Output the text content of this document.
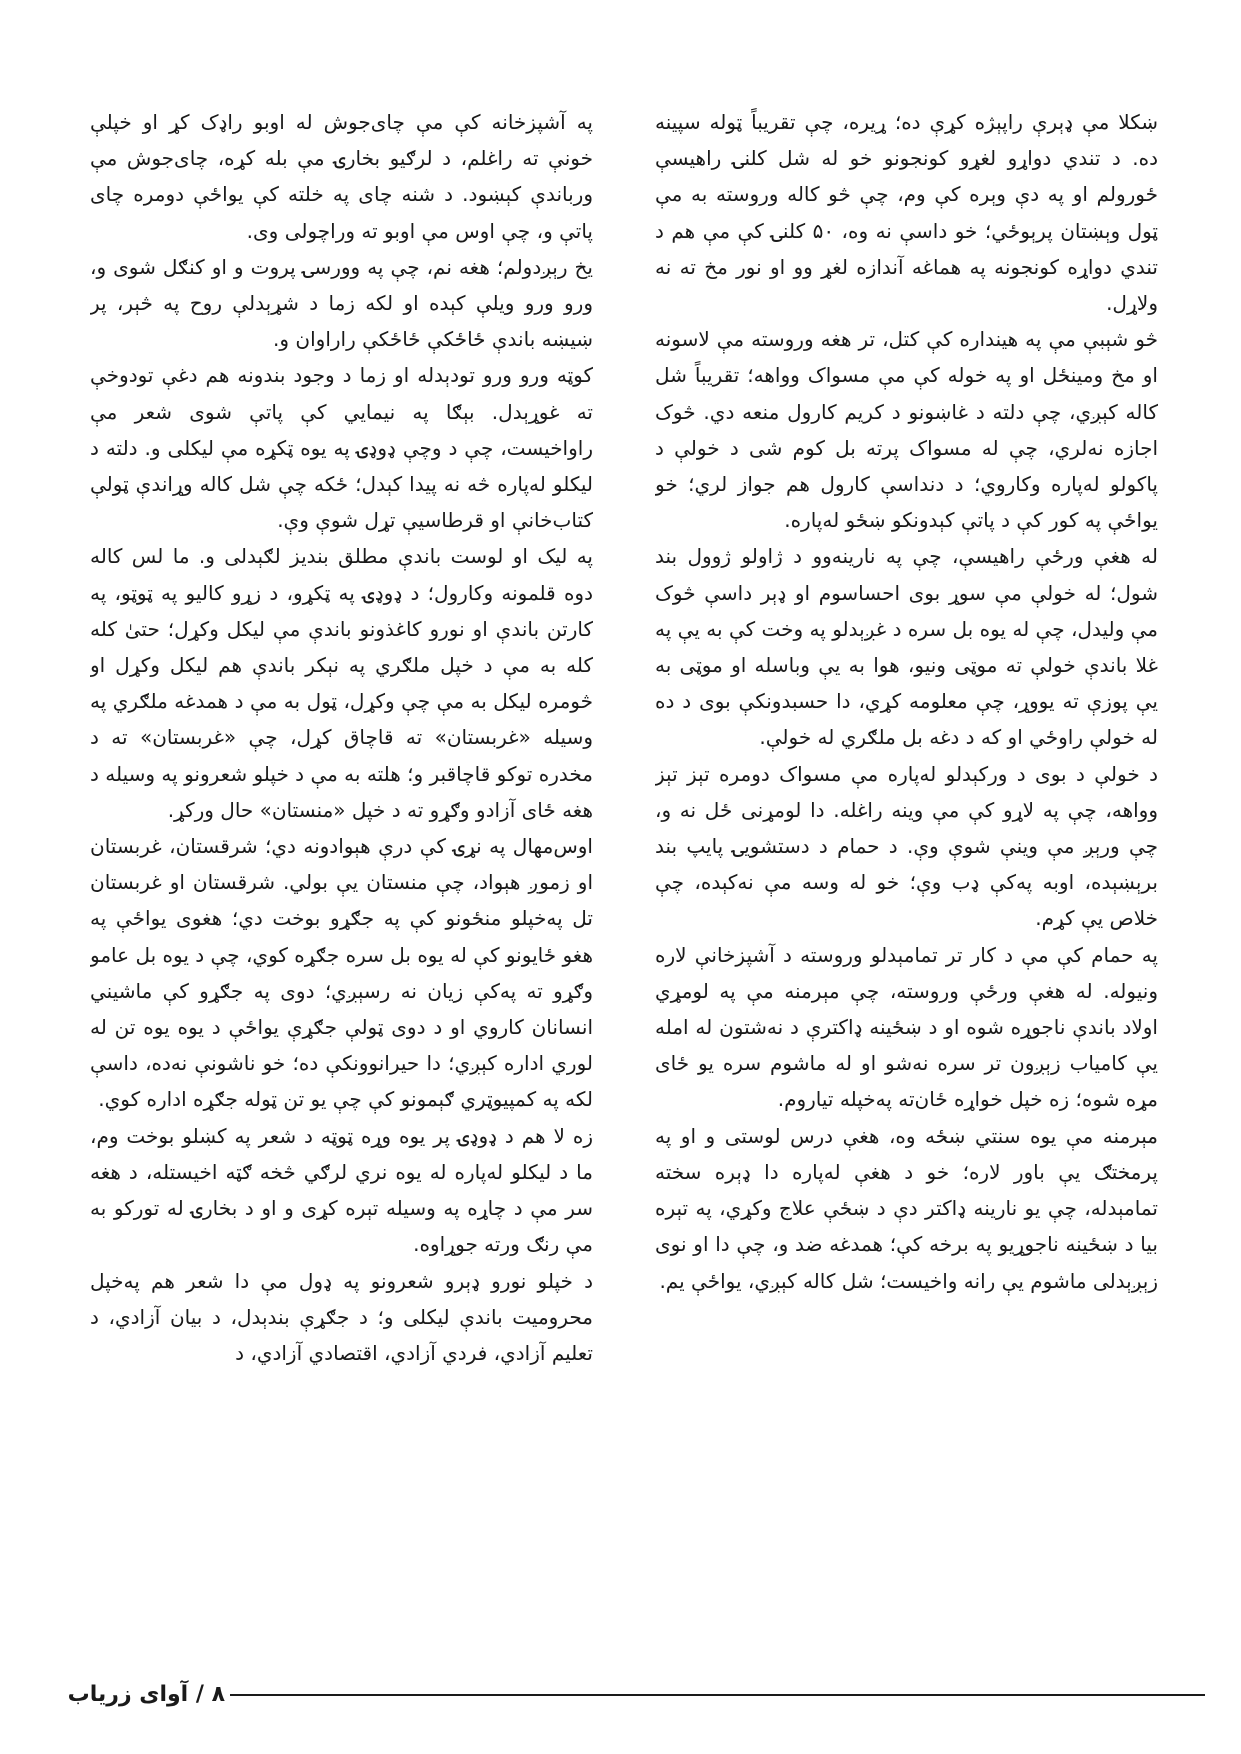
ښکلا مې ډېرې راپېژه کړې ده؛ ړیره، چې تقریباً ټوله سپینه ده. د تندي دواړو لغړو کونجونو خو له شل کلنۍ راهیسې ځورولم او په دې وېره کې وم، چې څو کاله وروسته به مې ټول وېښتان پرېوځي؛ خو داسې نه وه، ۵۰ کلنۍ کې مې هم د تندي دواړه کونجونه په هماغه آندازه لغړ وو او نور مخ ته نه ولاړل.

څو شېبې مې په هینداره کې کتل، تر هغه وروسته مې لاسونه او مخ ومینځل او په خوله کې مې مسواک وواهه؛ تقریباً شل کاله کېږي، چې دلته د غاښونو د کریم کارول منعه دي. څوک اجازه نه‌لري، چې له مسواک پرته بل کوم شی د خولې د پاکولو له‌پاره وکاروي؛ د دنداسې کارول هم جواز لري؛ خو یواځې په کور کې د پاتې کېدونکو ښځو له‌پاره.

له هغې ورځې راهیسې، چې په نارینه‌وو د ژاولو ژوول بند شول؛ له خولې مې سوړ بوی احساسوم او ډېر داسې څوک مې ولیدل، چې له یوه بل سره د غږېدلو په وخت کې به یې په غلا باندې خولې ته موټی ونیو، هوا به یې وباسله او موټی به یې پوزې ته یووړ، چې معلومه کړي، دا حسبدونکې بوی د ده له خولې راوځي او که د دغه بل ملګري له خولې.

د خولې د بوی د ورکېدلو له‌پاره مې مسواک دومره تېز تېز وواهه، چې په لاړو کې مې وینه راغله. دا لومړنی ځل نه و، چې ورېږ مې وینې شوې وې. د حمام د دستشویۍ پایپ بند برېښېده، اوبه په‌کې ډب وې؛ خو له وسه مې نه‌کېده، چې خلاص یې کړم.

په حمام کې مې د کار تر تمامېدلو وروسته د آشپزخانې لاره ونیوله. له هغې ورځې وروسته، چې مېرمنه مې په لومړي اولاد باندې ناجوړه شوه او د ښځینه ډاکترې د نه‌شتون له امله یې کامیاب زېږون تر سره نه‌شو او له ماشوم سره یو ځای مړه شوه؛ زه خپل خواړه ځان‌ته په‌خپله تیاروم.

مېرمنه مې یوه سنتي ښځه وه، هغې درس لوستی و او په پرمختګ یې باور لاره؛ خو د هغې له‌پاره دا ډېره سخته تمامېدله، چې یو نارینه ډاکتر دې د ښځې علاج وکړي، په تېره بیا د ښځینه ناجوړیو په برخه کې؛ همدغه ضد و، چې دا او نوی زېږېدلی ماشوم یې رانه واخیست؛ شل کاله کېږي، یواځې یم.

په آشپزخانه کې مې چای‌جوش له اوبو راډک کړ او خپلې خونې ته راغلم، د لرګیو بخارۍ مې بله کړه، چای‌جوش مې ورباندې کېښود. د شنه چای په خلته کې یواځې دومره چای پاتې و، چې اوس مې اوبو ته وراچولی وی.

یخ رېږدولم؛ هغه نم، چې په وورسۍ پروت و او کنګل شوی و، ورو ورو ویلې کېده او لکه زما د شړېدلې روح په څېر، پر ښیښه باندې ځاځکې ځاځکې راراوان و.

کوټه ورو ورو تودېدله او زما د وجود بندونه هم دغې تودوخې ته غوړېدل. بېګا په نیمایي کې پاتې شوی شعر مې راواخیست، چې د وچې ډوډۍ په یوه ټکړه مې لیکلی و. دلته د لیکلو له‌پاره څه نه پیدا کېدل؛ ځکه چې شل کاله وړاندې ټولې کتاب‌خانې او قرطاسیې تړل شوې وې.

په لیک او لوست باندې مطلق بندیز لګېدلی و. ما لس کاله دوه قلمونه وکارول؛ د ډوډۍ په ټکړو، د زړو کالیو په ټوټو، په کارتن باندې او نورو کاغذونو باندې مې لیکل وکړل؛ حتیٰ کله کله به مې د خپل ملګري په نېکر باندې هم لیکل وکړل او څومره لیکل به مې چې وکړل، ټول به مې د همدغه ملګري په وسیله «غربستان» ته قاچاق کړل، چې «غربستان» ته د مخدره توکو قاچاقبر و؛ هلته به مې د خپلو شعرونو په وسیله د هغه ځای آزادو وګړو ته د خپل «منستان» حال ورکړ.

اوس‌مهال په نړۍ کې درې هېوادونه دي؛ شرقستان، غربستان او زموږ هېواد، چې منستان یې بولي. شرقستان او غربستان تل په‌خپلو منځونو کې په جګړو بوخت دي؛ هغوی یواځې په هغو ځایونو کې له یوه بل سره جګړه کوي، چې د یوه بل عامو وګړو ته په‌کې زیان نه رسېږي؛ دوی په جګړو کې ماشیني انسانان کاروي او د دوی ټولې جګړې یواځې د یوه یوه تن له لوري اداره کېږي؛ دا حیرانوونکې ده؛ خو ناشونې نه‌ده، داسې لکه په کمپیوټري ګېمونو کې چې یو تن ټوله جګړه اداره کوي.

زه لا هم د ډوډۍ پر یوه وړه ټوټه د شعر په کښلو بوخت وم، ما د لیکلو له‌پاره له یوه نري لرګي څخه ګټه اخیستله، د هغه سر مې د چاړه په وسیله تېره کړی و او د بخارۍ له تورکو به مې رنګ ورته جوړاوه.

د خپلو نورو ډېرو شعرونو په ډول مې دا شعر هم په‌خپل محرومیت باندې لیکلی و؛ د جګړې بندېدل، د بیان آزادي، د تعلیم آزادي، فردي آزادي، اقتصادي آزادي، د

۸ / آوای زریاب
